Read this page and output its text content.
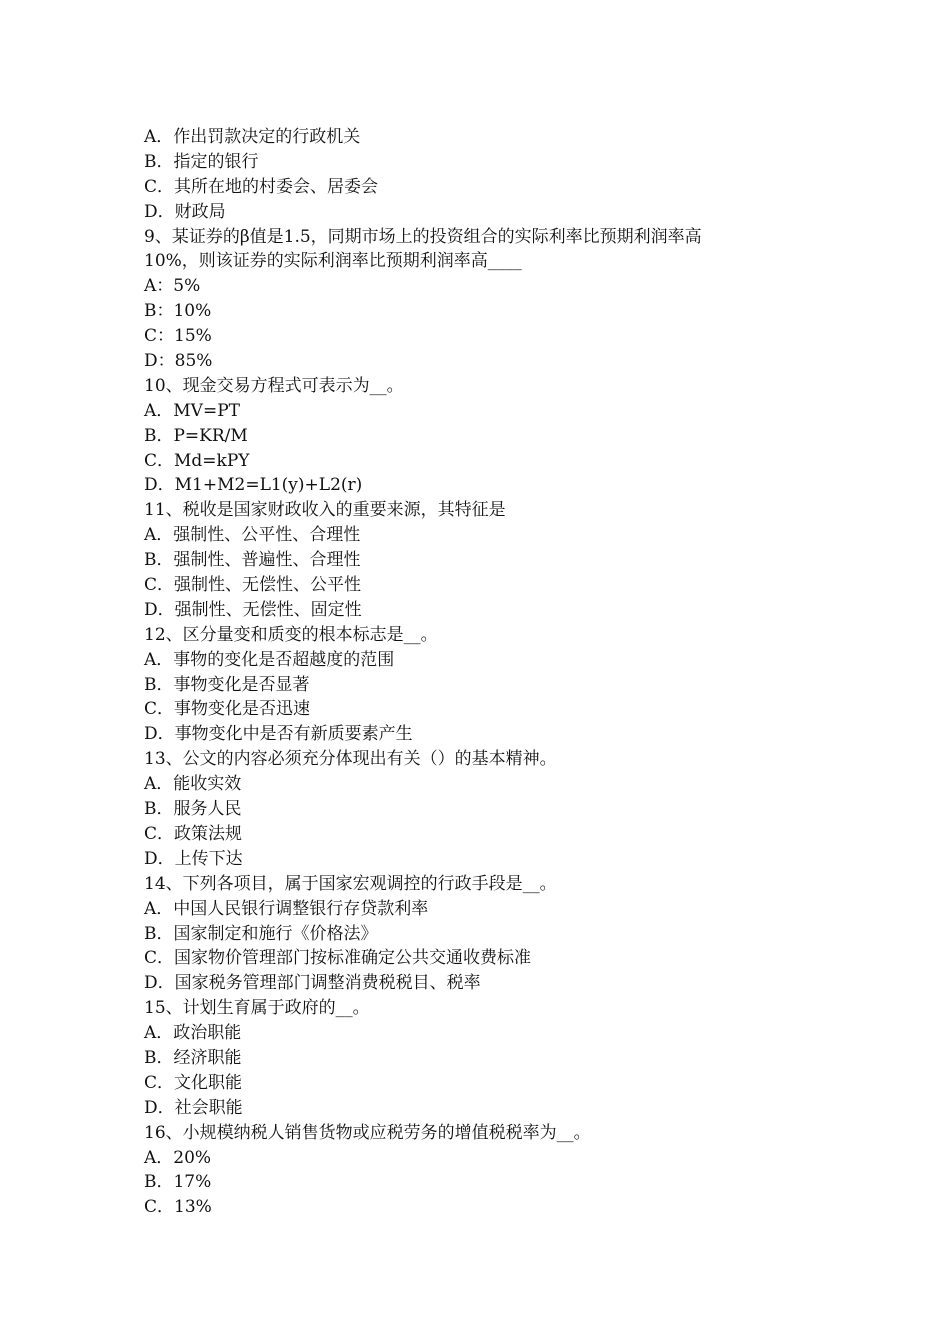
A．作出罚款决定的行政机关
B．指定的银行
C．其所在地的村委会、居委会
D．财政局
9、某证券的β值是1.5，同期市场上的投资组合的实际利率比预期利润率高
10%，则该证券的实际利润率比预期利润率高____
A：5%
B：10%
C：15%
D：85%
10、现金交易方程式可表示为__。
A．MV=PT
B．P=KR/M
C．Md=kPY
D．M1+M2=L1(y)+L2(r)
11、税收是国家财政收入的重要来源，其特征是
A．强制性、公平性、合理性
B．强制性、普遍性、合理性
C．强制性、无偿性、公平性
D．强制性、无偿性、固定性
12、区分量变和质变的根本标志是__。
A．事物的变化是否超越度的范围
B．事物变化是否显著
C．事物变化是否迅速
D．事物变化中是否有新质要素产生
13、公文的内容必须充分体现出有关（）的基本精神。
A．能收实效
B．服务人民
C．政策法规
D．上传下达
14、下列各项目，属于国家宏观调控的行政手段是__。
A．中国人民银行调整银行存贷款利率
B．国家制定和施行《价格法》
C．国家物价管理部门按标准确定公共交通收费标准
D．国家税务管理部门调整消费税税目、税率
15、计划生育属于政府的__。
A．政治职能
B．经济职能
C．文化职能
D．社会职能
16、小规模纳税人销售货物或应税劳务的增值税税率为__。
A．20%
B．17%
C．13%
